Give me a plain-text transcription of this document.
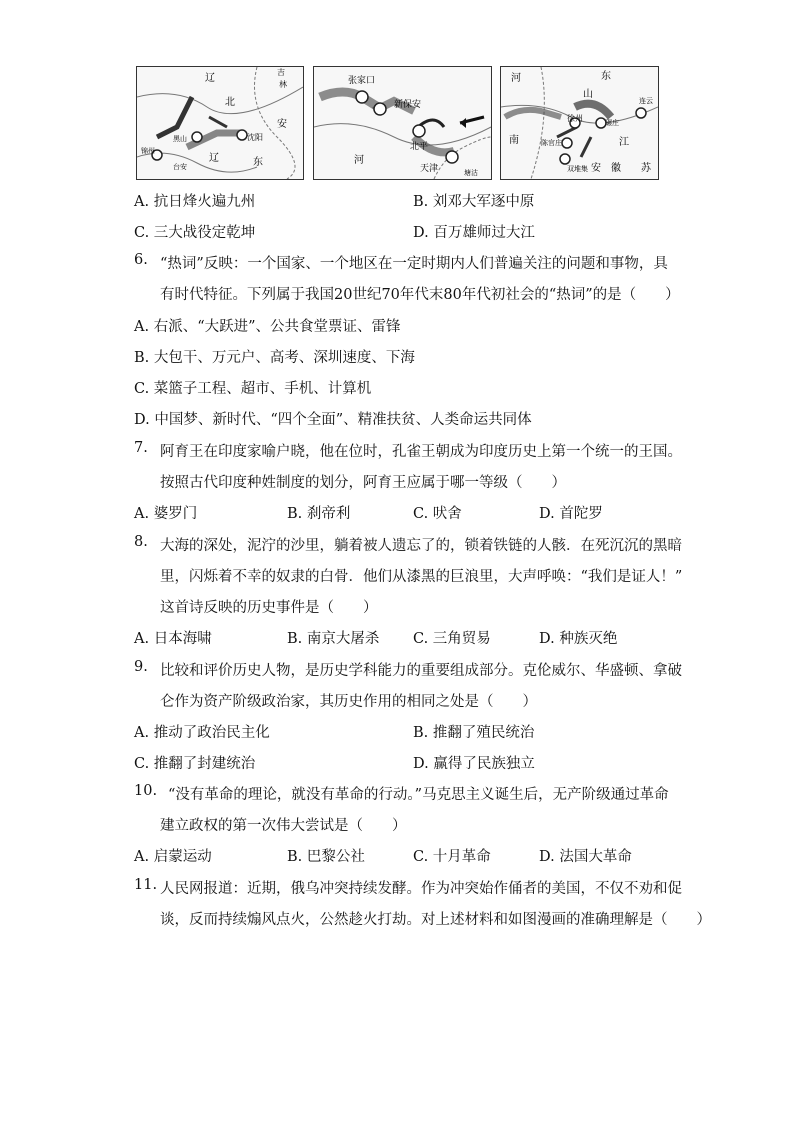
辽
吉
林
北
安
黑山	沈阳
锦州
台安
辽	东
张家口
新保安
北平
河
天津	塘沽
河	东
山
徐州	碾庄
连云
南	陈官庄
双堆集
江
安 徽 苏
A. 抗日烽火遍九州	B. 刘邓大军逐中原
C. 三大战役定乾坤	D. 百万雄师过大江
6. “热词”反映：一个国家、一个地区在一定时期内人们普遍关注的问题和事物，具
有时代特征。下列属于我国20世纪70年代末80年代初社会的“热词”的是（　　）
A. 右派、“大跃进”、公共食堂票证、雷锋
B. 大包干、万元户、高考、深圳速度、下海
C. 菜篮子工程、超市、手机、计算机
D. 中国梦、新时代、“四个全面”、精准扶贫、人类命运共同体
7. 阿育王在印度家喻户晓，他在位时，孔雀王朝成为印度历史上第一个统一的王国。
按照古代印度种姓制度的划分，阿育王应属于哪一等级（　　）
A. 婆罗门	B. 刹帝利	C. 吠舍	D. 首陀罗
8. 大海的深处，泥泞的沙里，躺着被人遗忘了的，锁着铁链的人骸．在死沉沉的黑暗
里，闪烁着不幸的奴隶的白骨．他们从漆黑的巨浪里，大声呼唤：“我们是证人！”
这首诗反映的历史事件是（　　）
A. 日本海啸	B. 南京大屠杀 C. 三角贸易	D. 种族灭绝
9. 比较和评价历史人物，是历史学科能力的重要组成部分。克伦威尔、华盛顿、拿破
仑作为资产阶级政治家，其历史作用的相同之处是（　　）
A. 推动了政治民主化	B. 推翻了殖民统治
C. 推翻了封建统治	D. 赢得了民族独立
10. “没有革命的理论，就没有革命的行动。”马克思主义诞生后，无产阶级通过革命
建立政权的第一次伟大尝试是（　　）
A. 启蒙运动	B. 巴黎公社	C. 十月革命	D. 法国大革命
11. 人民网报道：近期，俄乌冲突持续发酵。作为冲突始作俑者的美国，不仅不劝和促
谈，反而持续煽风点火，公然趁火打劫。对上述材料和如图漫画的准确理解是（　　）
